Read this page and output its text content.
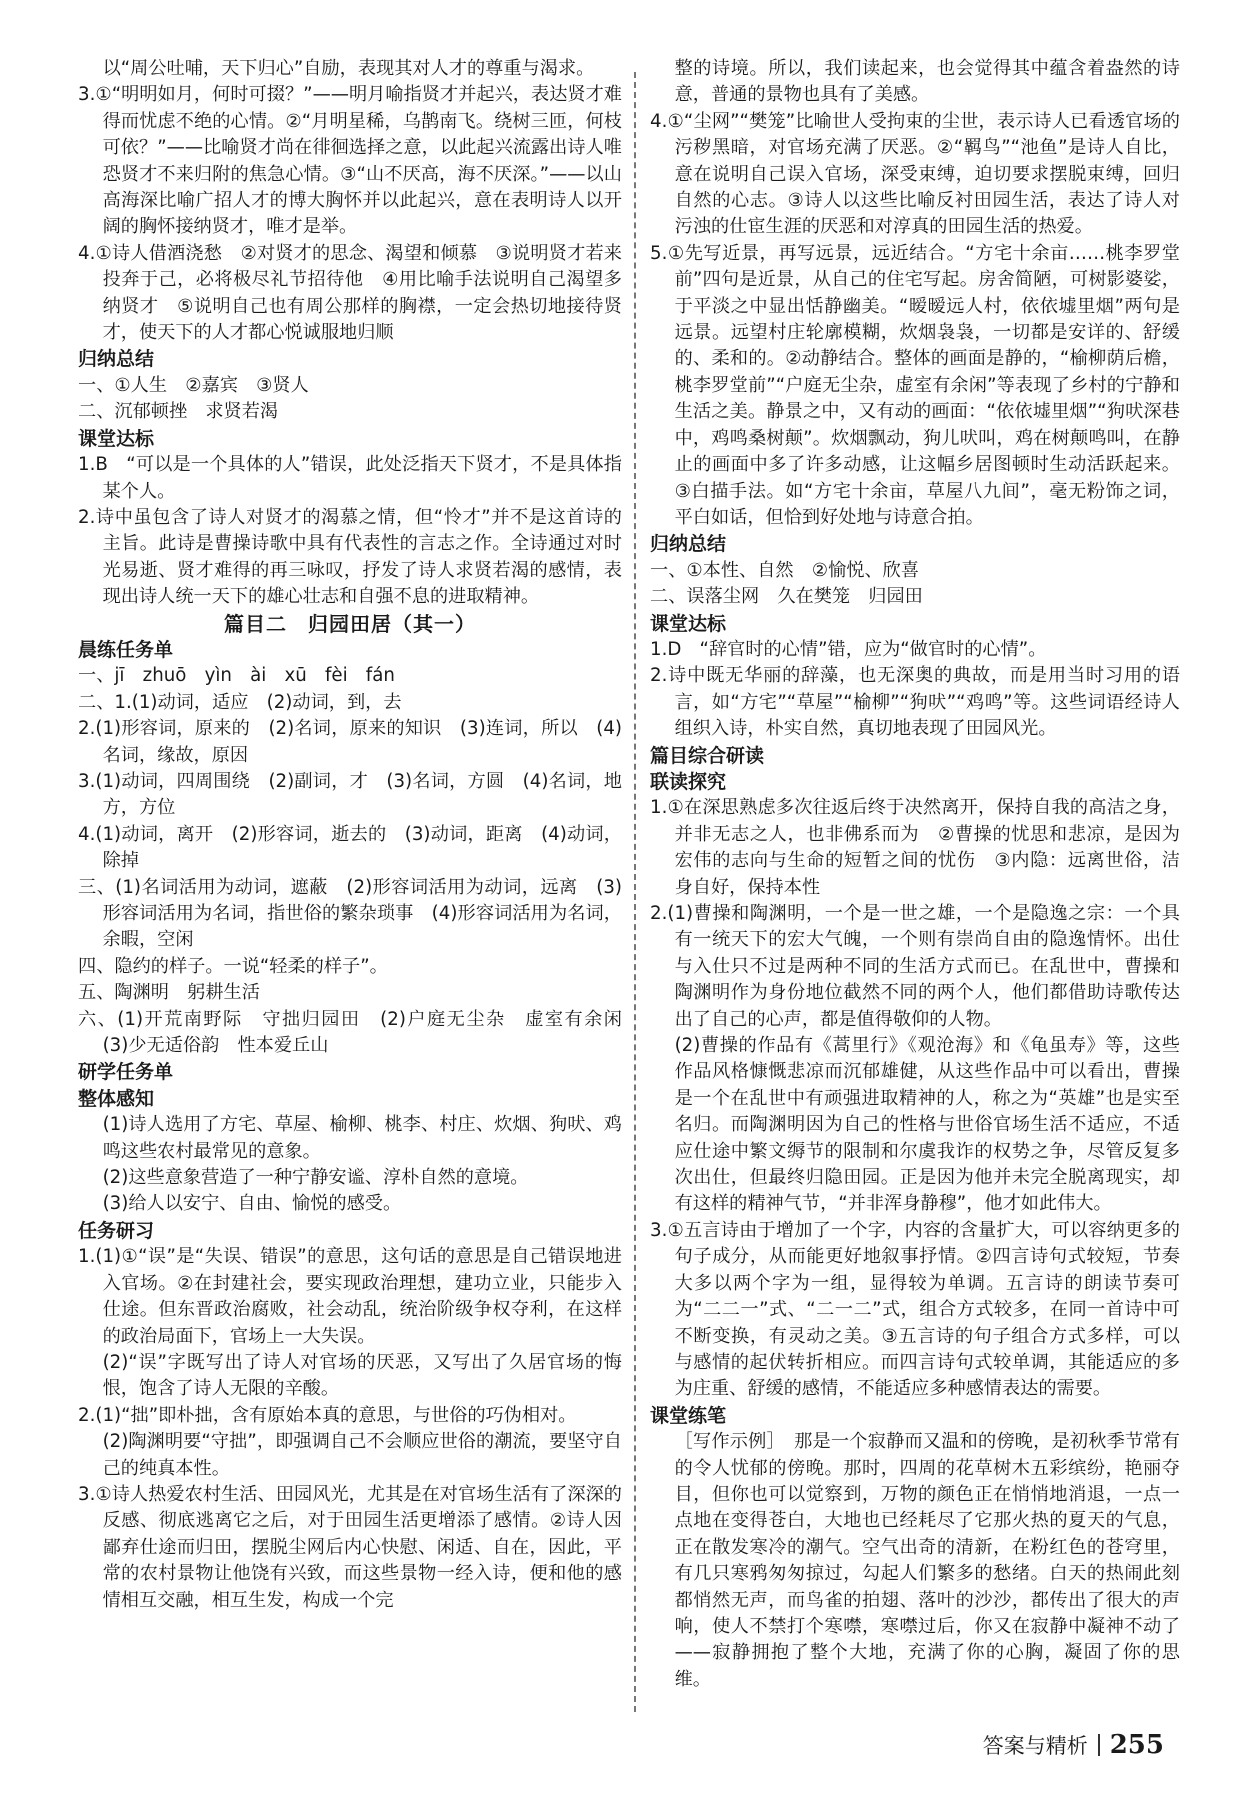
以“周公吐哺，天下归心”自励，表现其对人才的尊重与渴求。

3.①“明明如月，何时可掇？”——明月喻指贤才并起兴，表达贤才难得而忧虑不绝的心情。②“月明星稀，乌鹊南飞。绕树三匝，何枝可依？”——比喻贤才尚在徘徊选择之意，以此起兴流露出诗人唯恐贤才不来归附的焦急心情。③“山不厌高，海不厌深。”——以山高海深比喻广招人才的博大胸怀并以此起兴，意在表明诗人以开阔的胸怀接纳贤才，唯才是举。

4.①诗人借酒浇愁　②对贤才的思念、渴望和倾慕　③说明贤才若来投奔于己，必将极尽礼节招待他　④用比喻手法说明自己渴望多纳贤才　⑤说明自己也有周公那样的胸襟，一定会热切地接待贤才，使天下的人才都心悦诚服地归顺

归纳总结

一、①人生　②嘉宾　③贤人

二、沉郁顿挫　求贤若渴

课堂达标

1.B　“可以是一个具体的人”错误，此处泛指天下贤才，不是具体指某个人。

2.诗中虽包含了诗人对贤才的渴慕之情，但“怜才”并不是这首诗的主旨。此诗是曹操诗歌中具有代表性的言志之作。全诗通过对时光易逝、贤才难得的再三咏叹，抒发了诗人求贤若渴的感情，表现出诗人统一天下的雄心壮志和自强不息的进取精神。

篇目二　归园田居（其一）

晨练任务单

一、jī　zhuō　yìn　ài　xū　fèi　fán

二、1.(1)动词，适应　(2)动词，到，去

2.(1)形容词，原来的　(2)名词，原来的知识　(3)连词，所以　(4)名词，缘故，原因

3.(1)动词，四周围绕　(2)副词，才　(3)名词，方圆　(4)名词，地方，方位

4.(1)动词，离开　(2)形容词，逝去的　(3)动词，距离　(4)动词，除掉

三、(1)名词活用为动词，遮蔽　(2)形容词活用为动词，远离　(3)形容词活用为名词，指世俗的繁杂琐事　(4)形容词活用为名词，余暇，空闲

四、隐约的样子。一说“轻柔的样子”。

五、陶渊明　躬耕生活

六、(1)开荒南野际　守拙归园田　(2)户庭无尘杂　虚室有余闲　(3)少无适俗韵　性本爱丘山

研学任务单

整体感知

(1)诗人选用了方宅、草屋、榆柳、桃李、村庄、炊烟、狗吠、鸡鸣这些农村最常见的意象。

(2)这些意象营造了一种宁静安谧、淳朴自然的意境。

(3)给人以安宁、自由、愉悦的感受。

任务研习

1.(1)①“误”是“失误、错误”的意思，这句话的意思是自己错误地进入官场。②在封建社会，要实现政治理想，建功立业，只能步入仕途。但东晋政治腐败，社会动乱，统治阶级争权夺利，在这样的政治局面下，官场上一大失误。

(2)“误”字既写出了诗人对官场的厌恶，又写出了久居官场的悔恨，饱含了诗人无限的辛酸。

2.(1)“拙”即朴拙，含有原始本真的意思，与世俗的巧伪相对。

(2)陶渊明要“守拙”，即强调自己不会顺应世俗的潮流，要坚守自己的纯真本性。

3.①诗人热爱农村生活、田园风光，尤其是在对官场生活有了深深的反感、彻底逃离它之后，对于田园生活更增添了感情。②诗人因鄙弃仕途而归田，摆脱尘网后内心快慰、闲适、自在，因此，平常的农村景物让他饶有兴致，而这些景物一经入诗，便和他的感情相互交融，相互生发，构成一个完

整的诗境。所以，我们读起来，也会觉得其中蕴含着盎然的诗意，普通的景物也具有了美感。

4.①“尘网”“樊笼”比喻世人受拘束的尘世，表示诗人已看透官场的污秽黑暗，对官场充满了厌恶。②“羁鸟”“池鱼”是诗人自比，意在说明自己误入官场，深受束缚，迫切要求摆脱束缚，回归自然的心志。③诗人以这些比喻反衬田园生活，表达了诗人对污浊的仕宦生涯的厌恶和对淳真的田园生活的热爱。

5.①先写近景，再写远景，远近结合。“方宅十余亩……桃李罗堂前”四句是近景，从自己的住宅写起。房舍简陋，可树影婆娑，于平淡之中显出恬静幽美。“暧暧远人村，依依墟里烟”两句是远景。远望村庄轮廓模糊，炊烟袅袅，一切都是安详的、舒缓的、柔和的。②动静结合。整体的画面是静的，“榆柳荫后檐，桃李罗堂前”“户庭无尘杂，虚室有余闲”等表现了乡村的宁静和生活之美。静景之中，又有动的画面：“依依墟里烟”“狗吠深巷中，鸡鸣桑树颠”。炊烟飘动，狗儿吠叫，鸡在树颠鸣叫，在静止的画面中多了许多动感，让这幅乡居图顿时生动活跃起来。③白描手法。如“方宅十余亩，草屋八九间”，毫无粉饰之词，平白如话，但恰到好处地与诗意合拍。

归纳总结

一、①本性、自然　②愉悦、欣喜

二、误落尘网　久在樊笼　归园田

课堂达标

1.D　“辞官时的心情”错，应为“做官时的心情”。

2.诗中既无华丽的辞藻，也无深奥的典故，而是用当时习用的语言，如“方宅”“草屋”“榆柳”“狗吠”“鸡鸣”等。这些词语经诗人组织入诗，朴实自然，真切地表现了田园风光。

篇目综合研读

联读探究

1.①在深思熟虑多次往返后终于决然离开，保持自我的高洁之身，并非无志之人，也非佛系而为　②曹操的忧思和悲凉，是因为宏伟的志向与生命的短暂之间的忧伤　③内隐：远离世俗，洁身自好，保持本性

2.(1)曹操和陶渊明，一个是一世之雄，一个是隐逸之宗：一个具有一统天下的宏大气魄，一个则有崇尚自由的隐逸情怀。出仕与入仕只不过是两种不同的生活方式而已。在乱世中，曹操和陶渊明作为身份地位截然不同的两个人，他们都借助诗歌传达出了自己的心声，都是值得敬仰的人物。

(2)曹操的作品有《蒿里行》《观沧海》和《龟虽寿》等，这些作品风格慷慨悲凉而沉郁雄健，从这些作品中可以看出，曹操是一个在乱世中有顽强进取精神的人，称之为“英雄”也是实至名归。而陶渊明因为自己的性格与世俗官场生活不适应，不适应仕途中繁文缛节的限制和尔虞我诈的权势之争，尽管反复多次出仕，但最终归隐田园。正是因为他并未完全脱离现实，却有这样的精神气节，“并非浑身静穆”，他才如此伟大。

3.①五言诗由于增加了一个字，内容的含量扩大，可以容纳更多的句子成分，从而能更好地叙事抒情。②四言诗句式较短，节奏大多以两个字为一组，显得较为单调。五言诗的朗读节奏可为“二二一”式、“二一二”式，组合方式较多，在同一首诗中可不断变换，有灵动之美。③五言诗的句子组合方式多样，可以与感情的起伏转折相应。而四言诗句式较单调，其能适应的多为庄重、舒缓的感情，不能适应多种感情表达的需要。

课堂练笔

［写作示例］　 那是一个寂静而又温和的傍晚，是初秋季节常有的令人忧郁的傍晚。那时，四周的花草树木五彩缤纷，艳丽夺目，但你也可以觉察到，万物的颜色正在悄悄地消退，一点一点地在变得苍白，大地也已经耗尽了它那火热的夏天的气息，正在散发寒冷的潮气。空气出奇的清新，在粉红色的苍穹里，有几只寒鸦匆匆掠过，勾起人们繁多的愁绪。白天的热闹此刻都悄然无声，而鸟雀的拍翅、落叶的沙沙，都传出了很大的声响，使人不禁打个寒噤，寒噤过后，你又在寂静中凝神不动了——寂静拥抱了整个大地，充满了你的心胸，凝固了你的思维。

答案与精析 255
